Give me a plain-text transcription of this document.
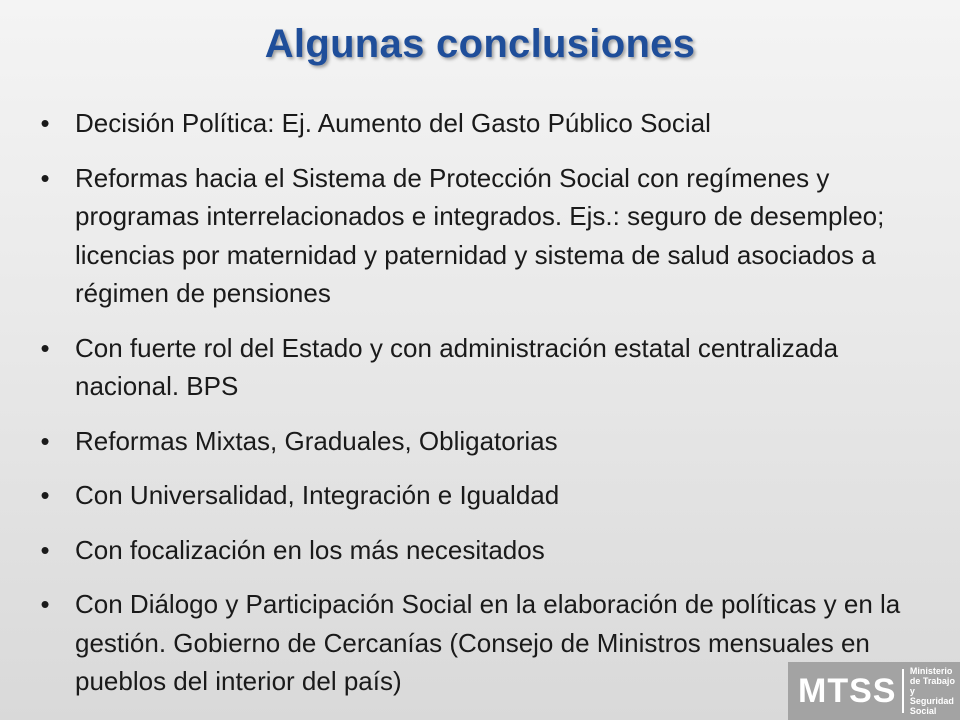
Algunas conclusiones
• Decisión Política: Ej. Aumento del Gasto Público Social
• Reformas hacia el Sistema de Protección Social con regímenes y programas interrelacionados e integrados. Ejs.: seguro de desempleo; licencias por maternidad y paternidad y sistema de salud asociados a régimen de pensiones
• Con fuerte rol del Estado y con administración estatal centralizada nacional. BPS
• Reformas Mixtas, Graduales, Obligatorias
• Con Universalidad, Integración e Igualdad
• Con focalización en los más necesitados
• Con Diálogo y Participación Social en la elaboración de políticas y en la gestión. Gobierno de Cercanías (Consejo de Ministros mensuales en pueblos del interior del país)	MTSS
Ministerio
de Trabajo y
Seguridad
Social
